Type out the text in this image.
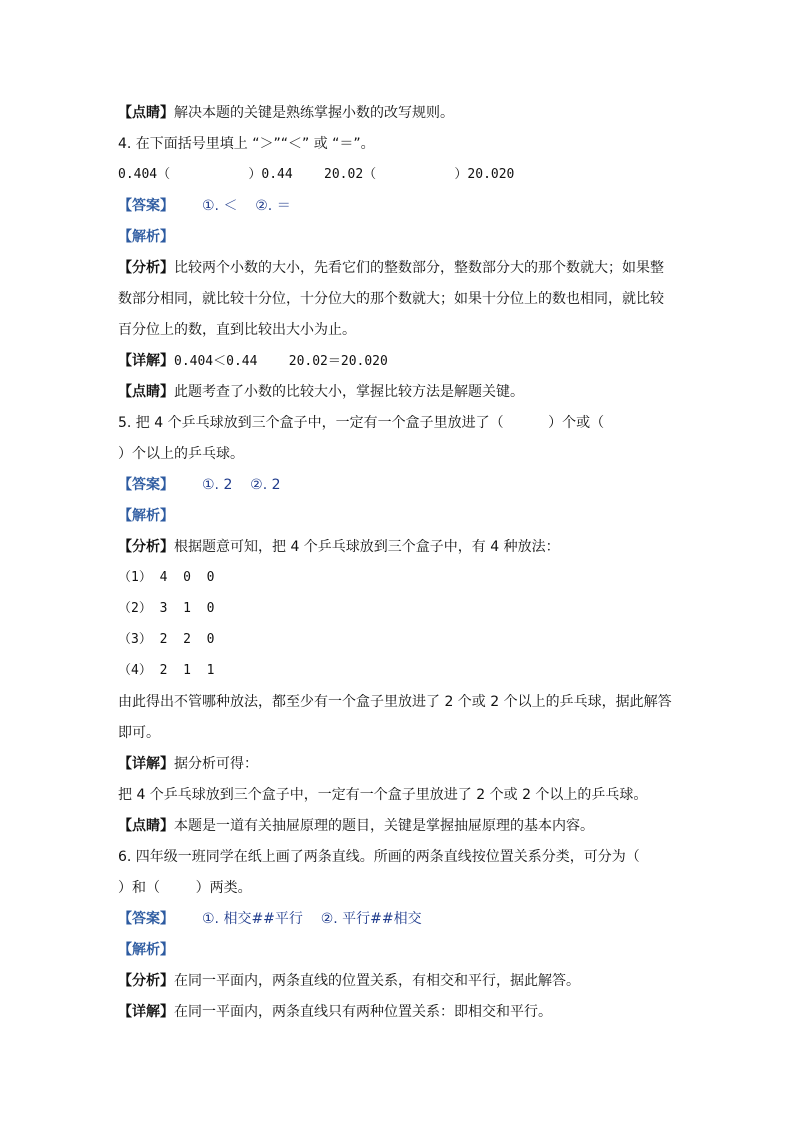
【点睛】解决本题的关键是熟练掌握小数的改写规则。
4. 在下面括号里填上 “＞”“＜” 或 “＝”。
0.404（          ）0.44    20.02（          ）20.020
【答案】 ①. ＜    ②. ＝
【解析】
【分析】比较两个小数的大小，先看它们的整数部分，整数部分大的那个数就大；如果整
数部分相同，就比较十分位，十分位大的那个数就大；如果十分位上的数也相同，就比较
百分位上的数，直到比较出大小为止。
【详解】0.404＜0.44    20.02＝20.020
【点睛】此题考查了小数的比较大小，掌握比较方法是解题关键。
5. 把 4 个乒乓球放到三个盒子中，一定有一个盒子里放进了（          ）个或（
）个以上的乒乓球。
【答案】 ①. 2    ②. 2
【解析】
【分析】根据题意可知，把 4 个乒乓球放到三个盒子中，有 4 种放法：
（1） 4  0  0
（2） 3  1  0
（3） 2  2  0
（4） 2  1  1
由此得出不管哪种放法，都至少有一个盒子里放进了 2 个或 2 个以上的乒乓球，据此解答
即可。
【详解】据分析可得：
把 4 个乒乓球放到三个盒子中，一定有一个盒子里放进了 2 个或 2 个以上的乒乓球。
【点睛】本题是一道有关抽屉原理的题目，关键是掌握抽屉原理的基本内容。
6. 四年级一班同学在纸上画了两条直线。所画的两条直线按位置关系分类，可分为（
）和（        ）两类。
【答案】 ①. 相交##平行    ②. 平行##相交
【解析】
【分析】在同一平面内，两条直线的位置关系，有相交和平行，据此解答。
【详解】在同一平面内，两条直线只有两种位置关系：即相交和平行。
